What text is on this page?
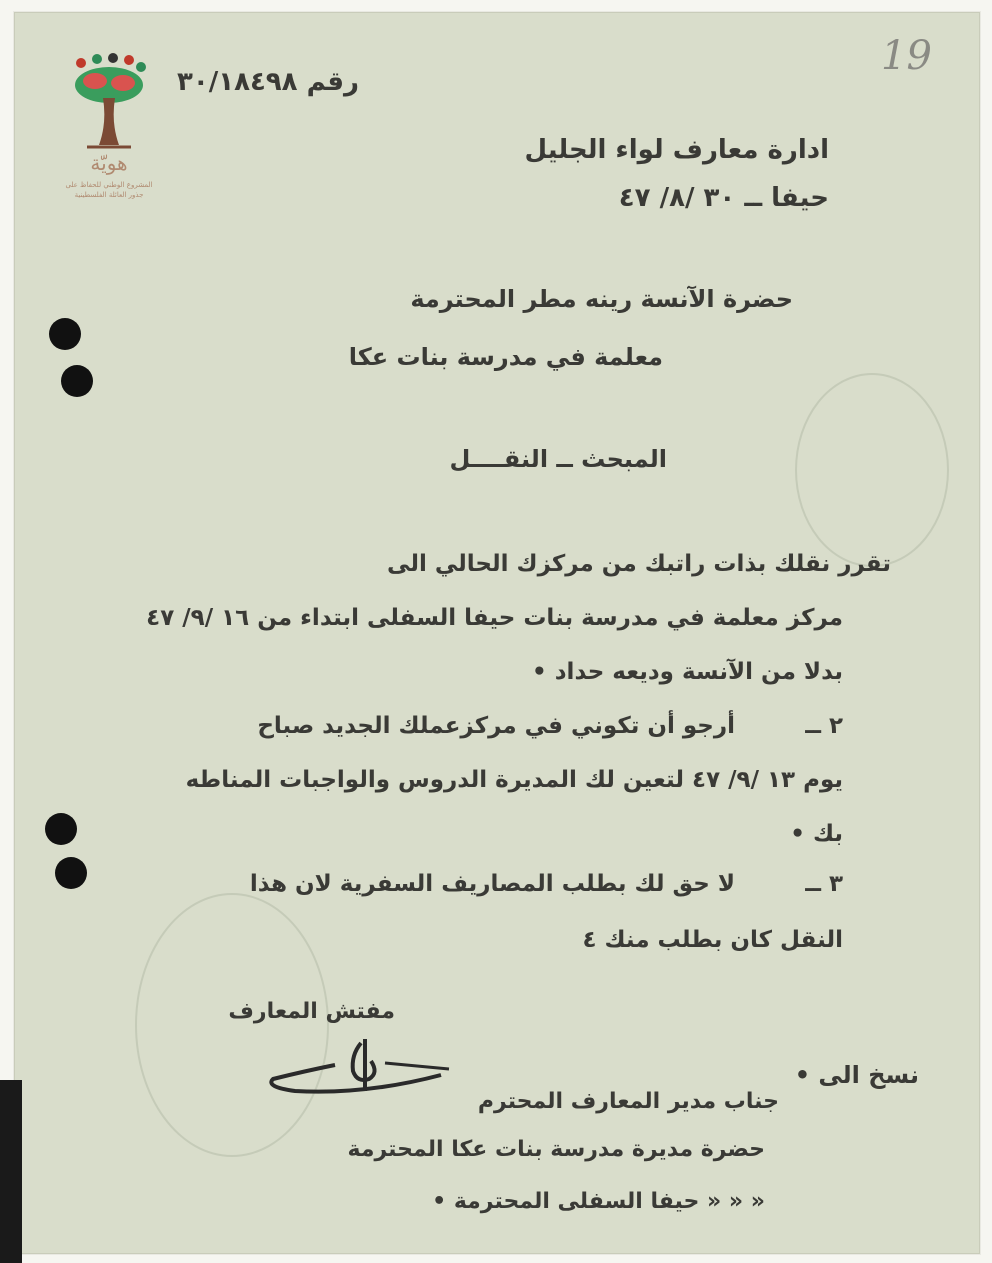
هويّة
المشروع الوطني للحفاظ على
جذور العائلة الفلسطينية
19
رقم ٣٠/١٨٤٩٨
ادارة معارف لواء الجليل
حيفا ــ ٣٠ /٨/ ٤٧
حضرة الآنسة رينه مطر المحترمة
معلمة في مدرسة بنات عكا
المبحث ــ النقــــل
تقرر نقلك بذات راتبك من مركزك الحالي الى
مركز معلمة في مدرسة بنات حيفا السفلى ابتداء من ١٦ /٩/ ٤٧
بدلا من الآنسة وديعه حداد •
٢ ــ
أرجو أن تكوني في مركزعملك الجديد صباح
يوم ١٣ /٩/ ٤٧ لتعين لك المديرة الدروس والواجبات المناطه
بك •
٣ ــ
لا حق لك بطلب المصاريف السفرية لان هذا
النقل كان بطلب منك ٤
مفتش المعارف
نسخ الى •
جناب مدير المعارف المحترم
حضرة مديرة مدرسة بنات عكا المحترمة
« « « حيفا السفلى المحترمة •
